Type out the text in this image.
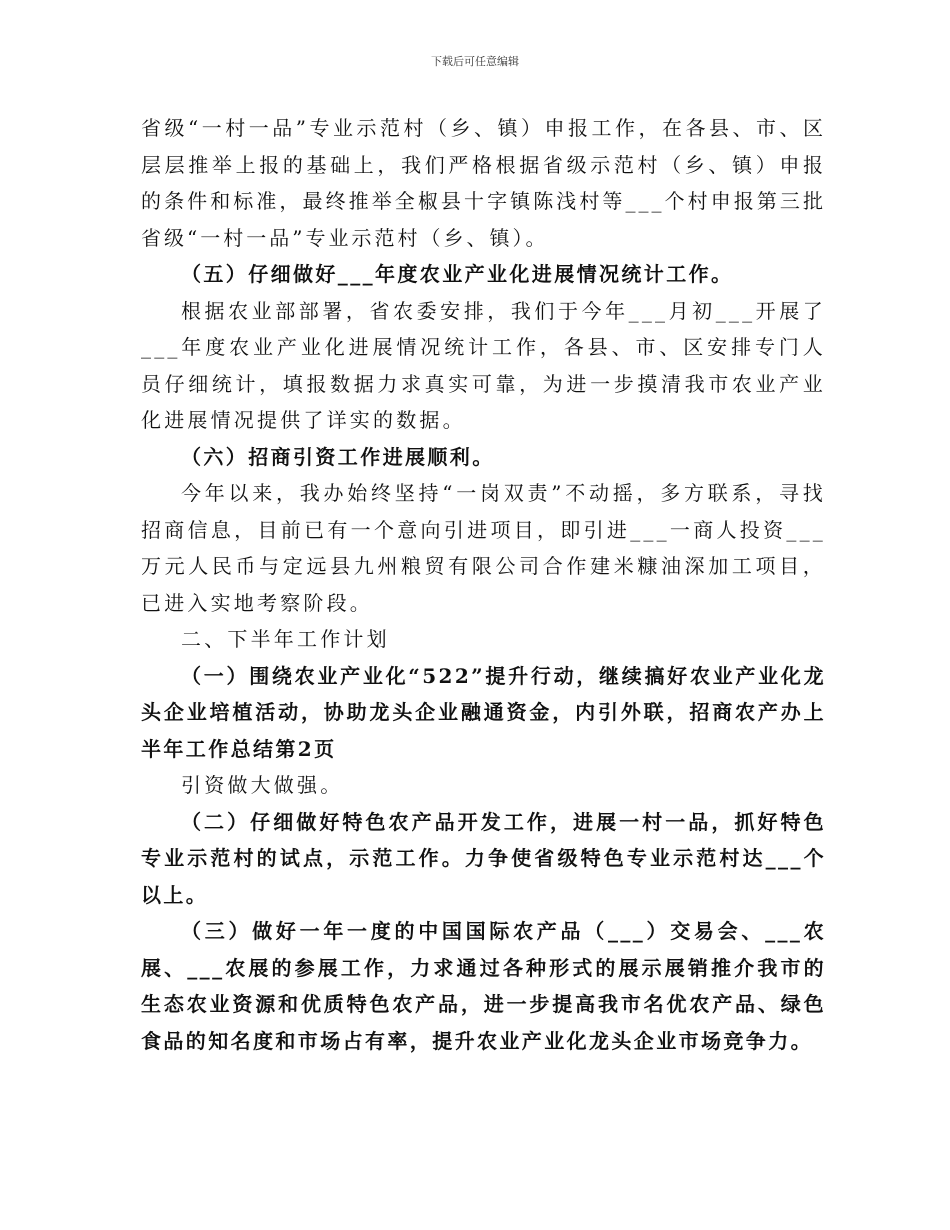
下载后可任意编辑

省级“一村一品”专业示范村（乡、镇）申报工作，在各县、市、区层层推举上报的基础上，我们严格根据省级示范村（乡、镇）申报的条件和标准，最终推举全椒县十字镇陈浅村等___个村申报第三批省级“一村一品”专业示范村（乡、镇）。

（五）仔细做好___年度农业产业化进展情况统计工作。

根据农业部部署，省农委安排，我们于今年___月初___开展了___年度农业产业化进展情况统计工作，各县、市、区安排专门人员仔细统计，填报数据力求真实可靠，为进一步摸清我市农业产业化进展情况提供了详实的数据。

（六）招商引资工作进展顺利。

今年以来，我办始终坚持“一岗双责”不动摇，多方联系，寻找招商信息，目前已有一个意向引进项目，即引进___一商人投资___万元人民币与定远县九州粮贸有限公司合作建米糠油深加工项目，已进入实地考察阶段。

二、下半年工作计划

（一）围绕农业产业化“522”提升行动，继续搞好农业产业化龙头企业培植活动，协助龙头企业融通资金，内引外联，招商农产办上半年工作总结第2页

引资做大做强。

（二）仔细做好特色农产品开发工作，进展一村一品，抓好特色专业示范村的试点，示范工作。力争使省级特色专业示范村达___个以上。

（三）做好一年一度的中国国际农产品（___）交易会、___农展、___农展的参展工作，力求通过各种形式的展示展销推介我市的生态农业资源和优质特色农产品，进一步提高我市名优农产品、绿色食品的知名度和市场占有率，提升农业产业化龙头企业市场竞争力。
